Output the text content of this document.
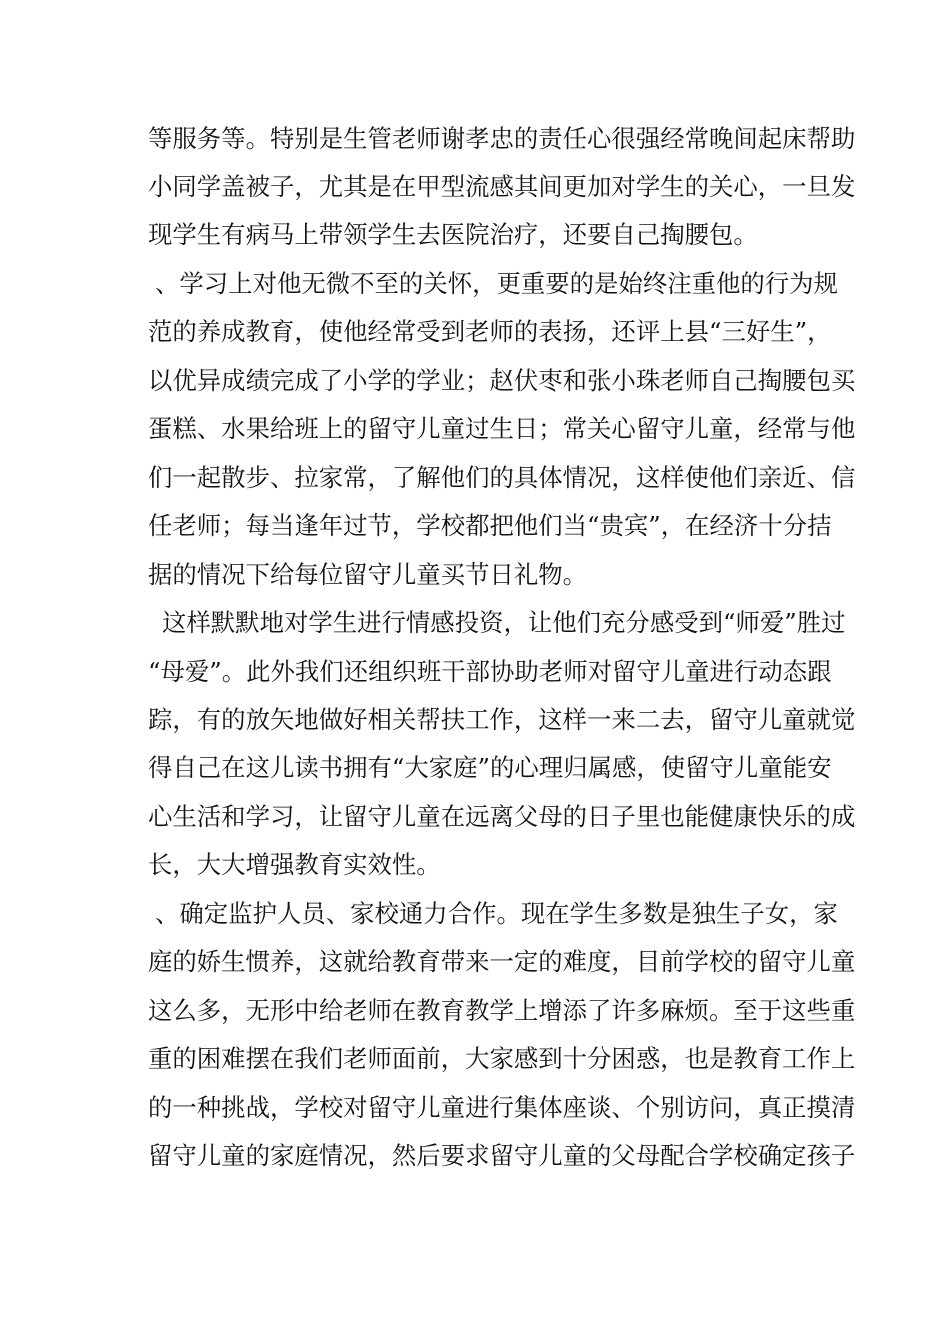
等服务等。特别是生管老师谢孝忠的责任心很强经常晚间起床帮助
小同学盖被子，尤其是在甲型流感其间更加对学生的关心，一旦发
现学生有病马上带领学生去医院治疗，还要自己掏腰包。
、学习上对他无微不至的关怀，更重要的是始终注重他的行为规
范的养成教育，使他经常受到老师的表扬，还评上县“三好生”，
以优异成绩完成了小学的学业；赵伏枣和张小珠老师自己掏腰包买
蛋糕、水果给班上的留守儿童过生日；常关心留守儿童，经常与他
们一起散步、拉家常，了解他们的具体情况，这样使他们亲近、信
任老师；每当逢年过节，学校都把他们当“贵宾”，在经济十分拮
据的情况下给每位留守儿童买节日礼物。
这样默默地对学生进行情感投资，让他们充分感受到“师爱”胜过
“母爱”。此外我们还组织班干部协助老师对留守儿童进行动态跟
踪，有的放矢地做好相关帮扶工作，这样一来二去，留守儿童就觉
得自己在这儿读书拥有“大家庭”的心理归属感，使留守儿童能安
心生活和学习，让留守儿童在远离父母的日子里也能健康快乐的成
长，大大增强教育实效性。
、确定监护人员、家校通力合作。现在学生多数是独生子女，家
庭的娇生惯养，这就给教育带来一定的难度，目前学校的留守儿童
这么多，无形中给老师在教育教学上增添了许多麻烦。至于这些重
重的困难摆在我们老师面前，大家感到十分困惑，也是教育工作上
的一种挑战，学校对留守儿童进行集体座谈、个别访问，真正摸清
留守儿童的家庭情况，然后要求留守儿童的父母配合学校确定孩子
